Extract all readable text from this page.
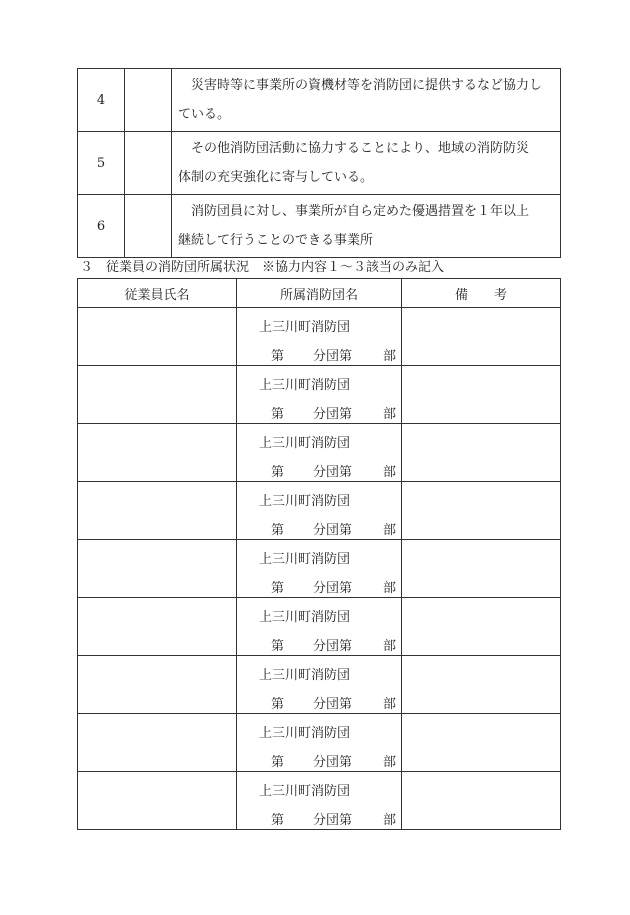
4		災害時等に事業所の資機材等を消防団に提供するなど協力し
ている。
5		その他消防団活動に協力することにより、地域の消防防災
体制の充実強化に寄与している。
6		消防団員に対し、事業所が自ら定めた優遇措置を１年以上
継続して行うことのできる事業所
３　従業員の消防団所属状況　※協力内容１～３該当のみ記入
従業員氏名	所属消防団名	備　　考

	上三川町消防団
第 分団第 部	

	上三川町消防団
第 分団第 部	

	上三川町消防団
第 分団第 部	

	上三川町消防団
第 分団第 部	

	上三川町消防団
第 分団第 部	

	上三川町消防団
第 分団第 部	

	上三川町消防団
第 分団第 部	

	上三川町消防団
第 分団第 部	

	上三川町消防団
第 分団第 部	
